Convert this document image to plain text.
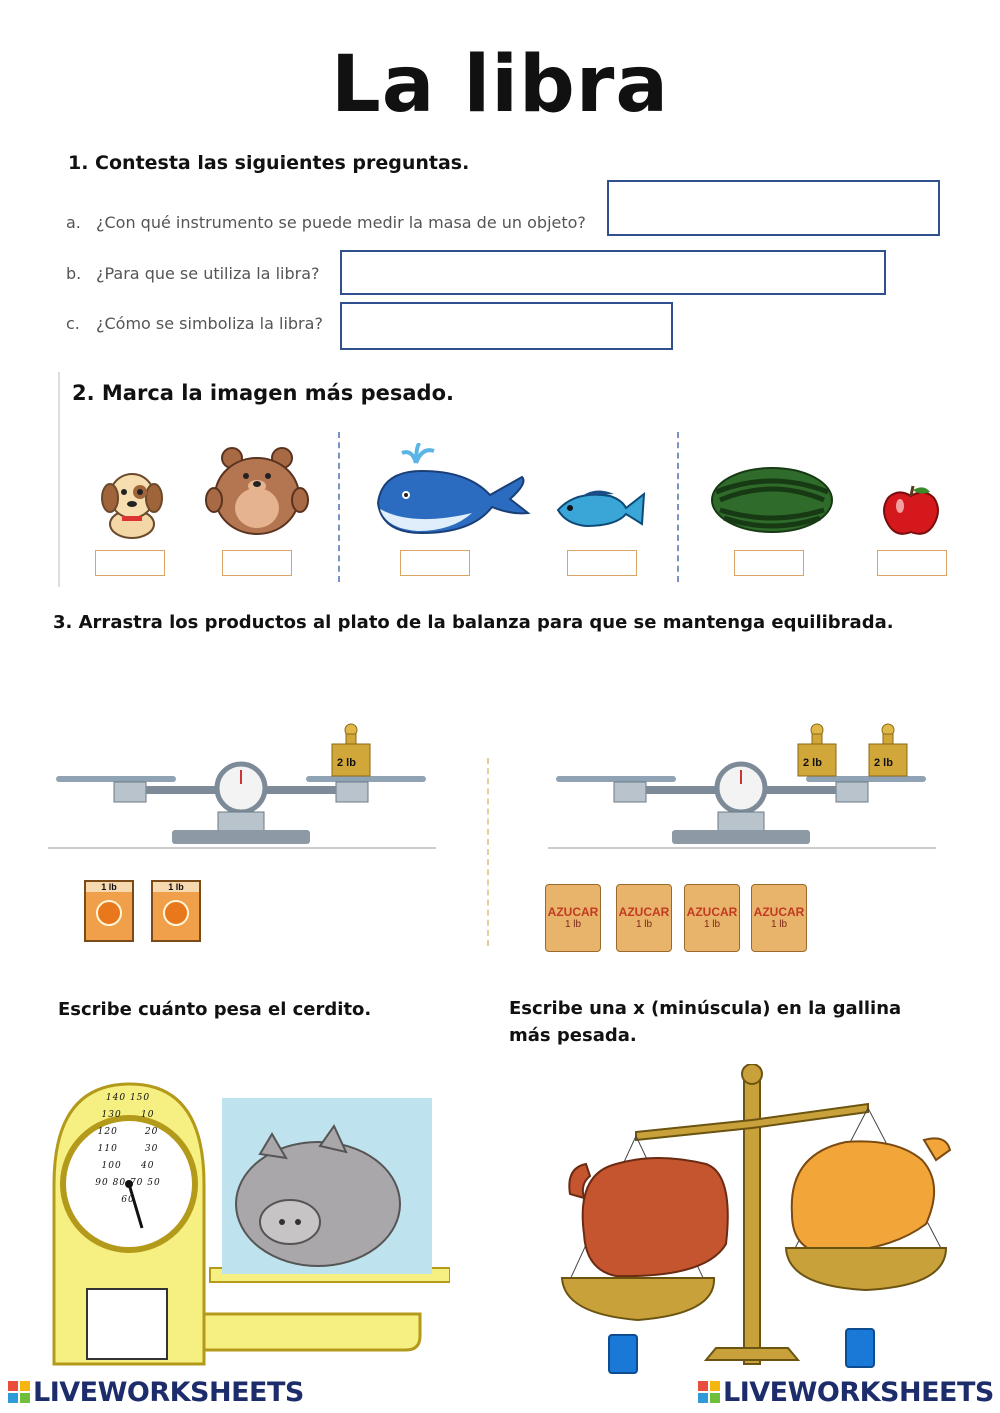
La libra
1. Contesta las siguientes preguntas.
a. ¿Con qué instrumento se puede medir la masa de un objeto?
b. ¿Para que se utiliza la libra?
c. ¿Cómo se simboliza la libra?
2. Marca la imagen más pesado.
3. Arrastra los productos al plato de la balanza para que se mantenga equilibrada.
2 lb	2 lb	2 lb
1 lb	1 lb
AZUCAR
1 lb
AZUCAR
1 lb
AZUCAR
1 lb
AZUCAR
1 lb
Escribe cuánto pesa el cerdito.
140 150
130 10
120	20
110	30
100 40
90 80 70 50 60
Escribe una x (minúscula) en la gallina
más pesada.
LIVEWORKSHEETS	LIVEWORKSHEETS
